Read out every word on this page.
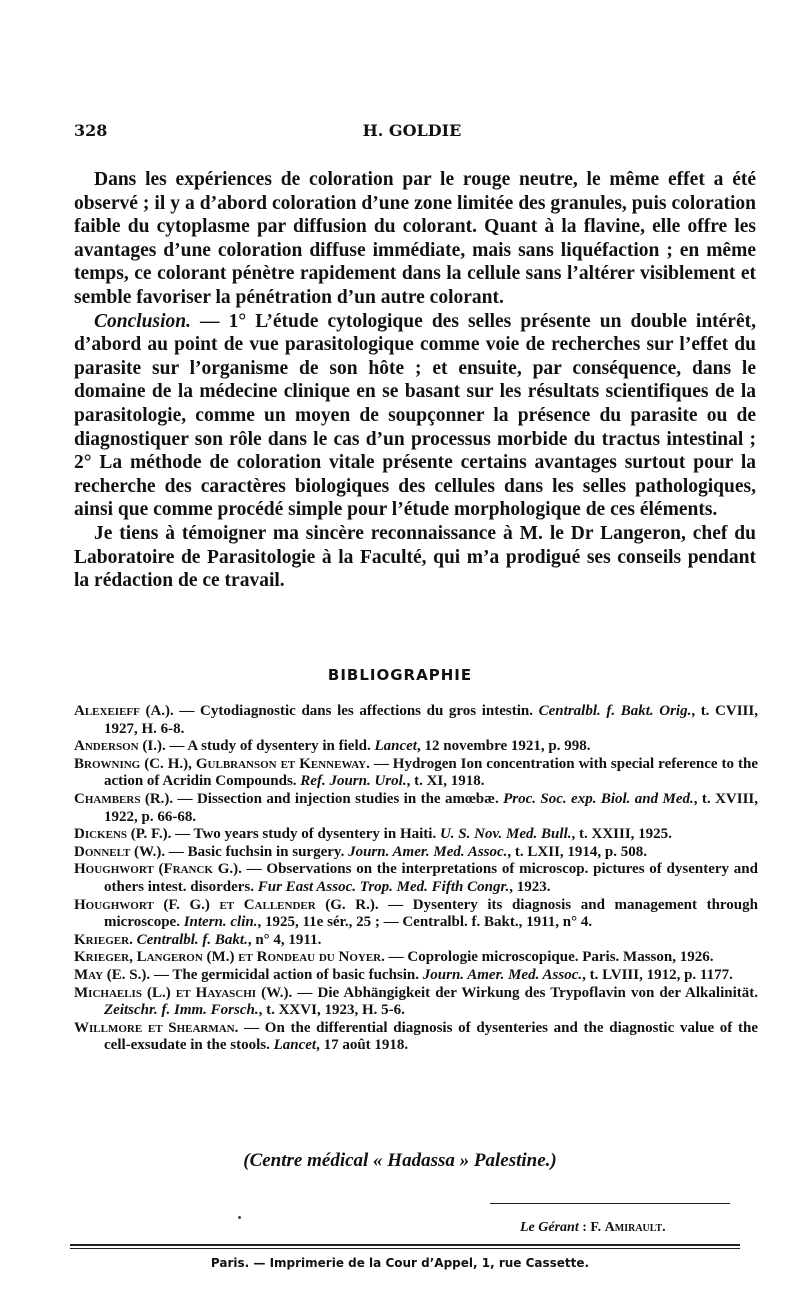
328	H. GOLDIE

Dans les expériences de coloration par le rouge neutre, le même effet a été observé ; il y a d’abord coloration d’une zone limitée des granules, puis coloration faible du cytoplasme par diffusion du colorant. Quant à la flavine, elle offre les avantages d’une coloration diffuse immédiate, mais sans liquéfaction ; en même temps, ce colorant pénètre rapidement dans la cellule sans l’altérer visiblement et semble favoriser la pénétration d’un autre colorant.

Conclusion. — 1° L’étude cytologique des selles présente un double intérêt, d’abord au point de vue parasitologique comme voie de recherches sur l’effet du parasite sur l’organisme de son hôte ; et ensuite, par conséquence, dans le domaine de la médecine clinique en se basant sur les résultats scientifiques de la parasitologie, comme un moyen de soupçonner la présence du parasite ou de diagnostiquer son rôle dans le cas d’un processus morbide du tractus intestinal ; 2° La méthode de coloration vitale présente certains avantages surtout pour la recherche des caractères biologiques des cellules dans les selles pathologiques, ainsi que comme procédé simple pour l’étude morphologique de ces éléments.

Je tiens à témoigner ma sincère reconnaissance à M. le Dr Langeron, chef du Laboratoire de Parasitologie à la Faculté, qui m’a prodigué ses conseils pendant la rédaction de ce travail.

BIBLIOGRAPHIE

Alexeieff (A.). — Cytodiagnostic dans les affections du gros intestin. Centralbl. f. Bakt. Orig., t. CVIII, 1927, H. 6-8.

Anderson (I.). — A study of dysentery in field. Lancet, 12 novembre 1921, p. 998.

Browning (C. H.), Gulbranson et Kenneway. — Hydrogen Ion concentration with special reference to the action of Acridin Compounds. Ref. Journ. Urol., t. XI, 1918.

Chambers (R.). — Dissection and injection studies in the amœbæ. Proc. Soc. exp. Biol. and Med., t. XVIII, 1922, p. 66-68.

Dickens (P. F.). — Two years study of dysentery in Haiti. U. S. Nov. Med. Bull., t. XXIII, 1925.

Donnelt (W.). — Basic fuchsin in surgery. Journ. Amer. Med. Assoc., t. LXII, 1914, p. 508.

Houghwort (Franck G.). — Observations on the interpretations of microscop. pictures of dysentery and others intest. disorders. Fur East Assoc. Trop. Med. Fifth Congr., 1923.

Houghwort (F. G.) et Callender (G. R.). — Dysentery its diagnosis and management through microscope. Intern. clin., 1925, 11e sér., 25 ; — Centralbl. f. Bakt., 1911, n° 4.

Krieger. Centralbl. f. Bakt., n° 4, 1911.

Krieger, Langeron (M.) et Rondeau du Noyer. — Coprologie microscopique. Paris. Masson, 1926.

May (E. S.). — The germicidal action of basic fuchsin. Journ. Amer. Med. Assoc., t. LVIII, 1912, p. 1177.

Michaelis (L.) et Hayaschi (W.). — Die Abhängigkeit der Wirkung des Trypoflavin von der Alkalinität. Zeitschr. f. Imm. Forsch., t. XXVI, 1923, H. 5-6.

Willmore et Shearman. — On the differential diagnosis of dysenteries and the diagnostic value of the cell-exsudate in the stools. Lancet, 17 août 1918.

(Centre médical « Hadassa » Palestine.)
Le Gérant : F. Amirault.
Paris. — Imprimerie de la Cour d’Appel, 1, rue Cassette.
